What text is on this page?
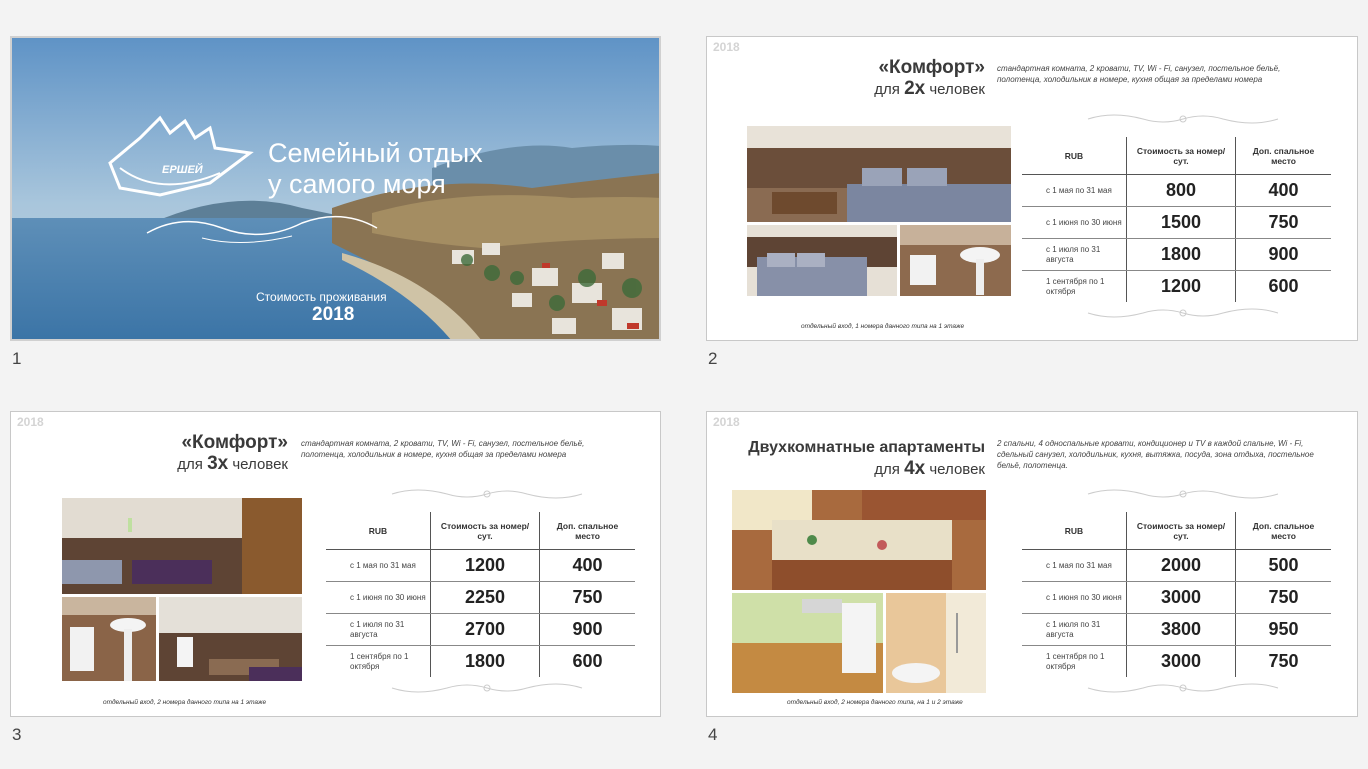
ЕРШЕЙ
Семейный отдых
у самого моря
Стоимость проживания
2018
1
2018
«Комфорт»
для 2х человек
стандартная комната, 2 кровати, TV, Wi - Fi, санузел, постельное бельё, полотенца, холодильник в номере, кухня общая за пределами номера
RUB	Стоимость за номер/сут.	Доп. спальное место
с 1 мая по 31 мая	800	400
с 1 июня по 30 июня	1500	750
с 1 июля по 31 августа	1800	900
1 сентября по 1 октября	1200	600
отдельный вход, 1 номера данного типа на 1 этаже
2
2018
«Комфорт»
для 3х человек
стандартная комната, 2 кровати, TV, Wi - Fi, санузел, постельное бельё, полотенца, холодильник в номере, кухня общая за пределами номера
RUB	Стоимость за номер/сут.	Доп. спальное место
с 1 мая по 31 мая	1200	400
с 1 июня по 30 июня	2250	750
с 1 июля по 31 августа	2700	900
1 сентября по 1 октября	1800	600
отдельный вход, 2 номера данного типа на 1 этаже
3
2018
Двухкомнатные апартаменты
для 4х человек
2 спальни, 4 односпальные кровати, кондиционер и TV в каждой спальне, Wi - Fi, сдельный санузел, холодильник, кухня, вытяжка, посуда, зона отдыха, постельное бельё, полотенца.
RUB	Стоимость за номер/сут.	Доп. спальное место
с 1 мая по 31 мая	2000	500
с 1 июня по 30 июня	3000	750
с 1 июля по 31 августа	3800	950
1 сентября по 1 октября	3000	750
отдельный вход, 2 номера данного типа, на 1 и 2 этаже
4
